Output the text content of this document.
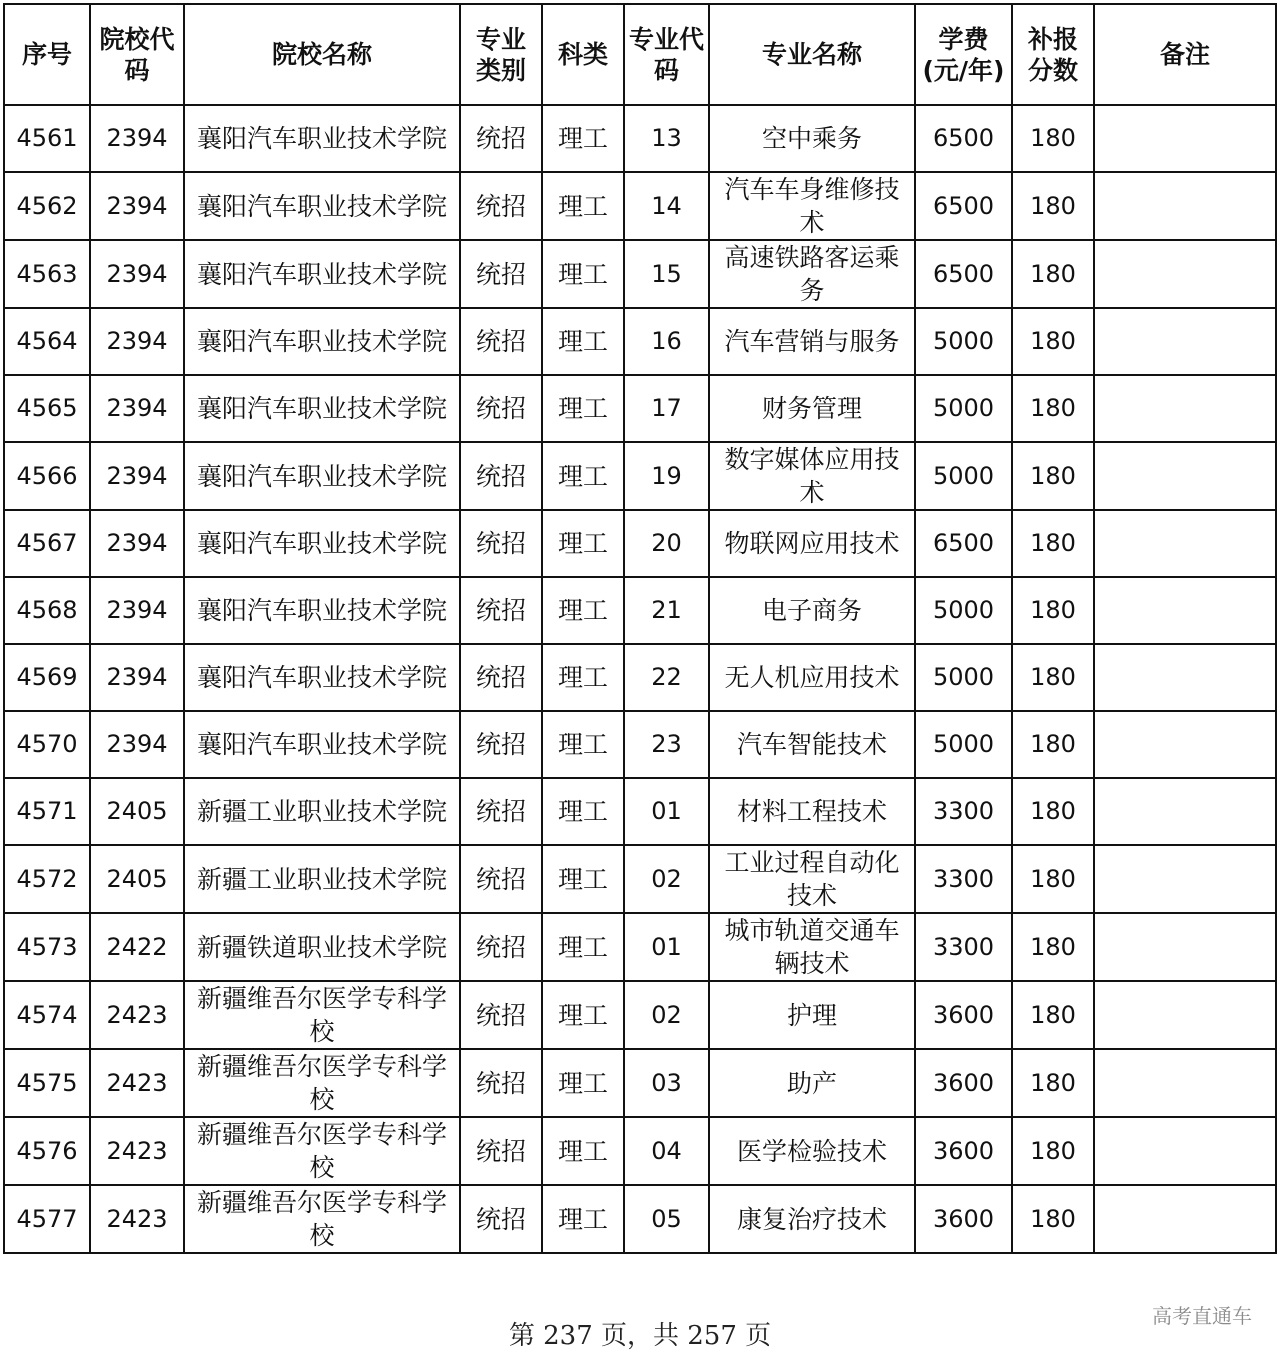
序号	院校代码	院校名称	专业类别	科类	专业代码	专业名称	学费(元/年)	补报分数	备注
4561	2394	襄阳汽车职业技术学院	统招	理工	13	空中乘务	6500	180	
4562	2394	襄阳汽车职业技术学院	统招	理工	14	汽车车身维修技术	6500	180	
4563	2394	襄阳汽车职业技术学院	统招	理工	15	高速铁路客运乘务	6500	180	
4564	2394	襄阳汽车职业技术学院	统招	理工	16	汽车营销与服务	5000	180	
4565	2394	襄阳汽车职业技术学院	统招	理工	17	财务管理	5000	180	
4566	2394	襄阳汽车职业技术学院	统招	理工	19	数字媒体应用技术	5000	180	
4567	2394	襄阳汽车职业技术学院	统招	理工	20	物联网应用技术	6500	180	
4568	2394	襄阳汽车职业技术学院	统招	理工	21	电子商务	5000	180	
4569	2394	襄阳汽车职业技术学院	统招	理工	22	无人机应用技术	5000	180	
4570	2394	襄阳汽车职业技术学院	统招	理工	23	汽车智能技术	5000	180	
4571	2405	新疆工业职业技术学院	统招	理工	01	材料工程技术	3300	180	
4572	2405	新疆工业职业技术学院	统招	理工	02	工业过程自动化技术	3300	180	
4573	2422	新疆铁道职业技术学院	统招	理工	01	城市轨道交通车辆技术	3300	180	
4574	2423	新疆维吾尔医学专科学校	统招	理工	02	护理	3600	180	
4575	2423	新疆维吾尔医学专科学校	统招	理工	03	助产	3600	180	
4576	2423	新疆维吾尔医学专科学校	统招	理工	04	医学检验技术	3600	180	
4577	2423	新疆维吾尔医学专科学校	统招	理工	05	康复治疗技术	3600	180	
第 237 页，共 257 页
高考直通车
